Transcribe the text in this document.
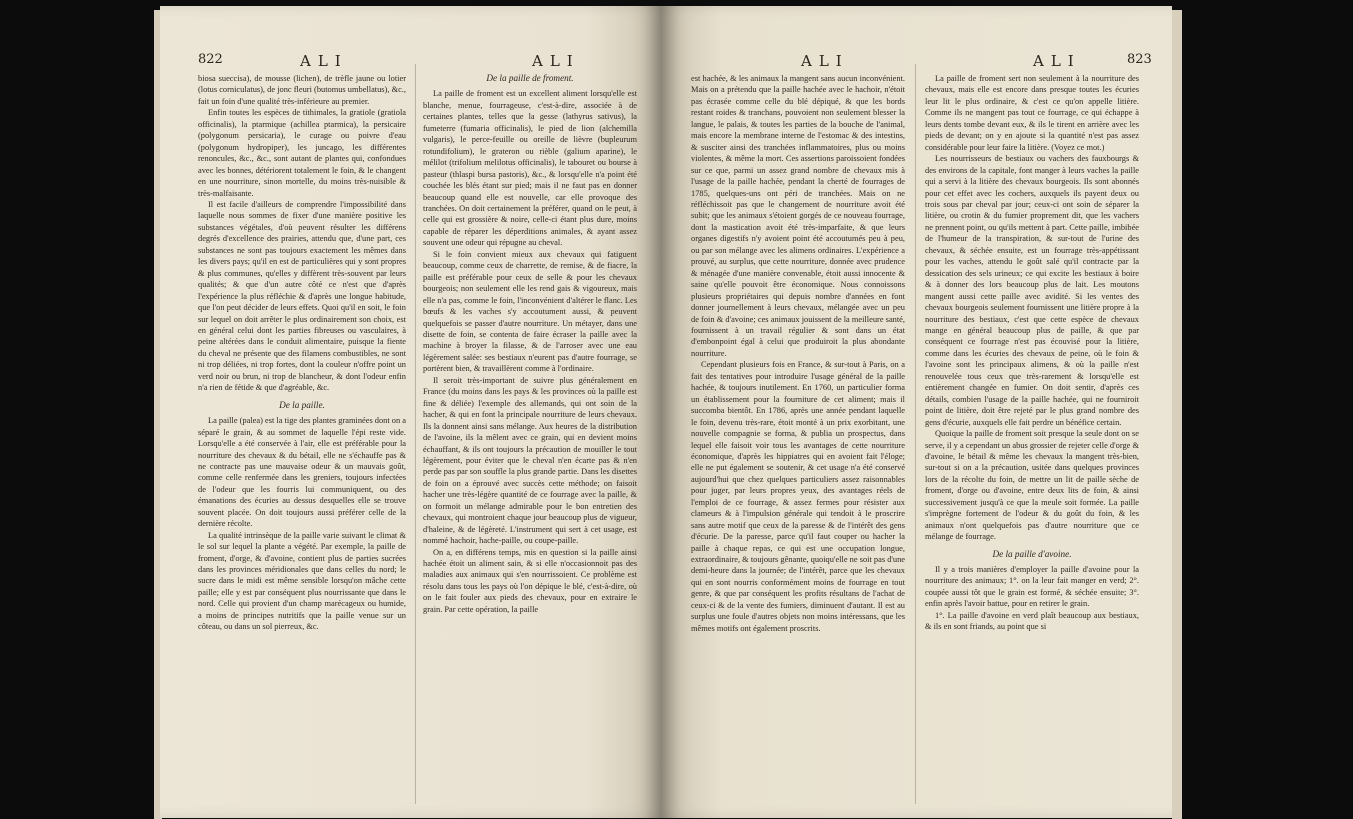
822	ALI	ALI

biosa sueccisa), de mousse (lichen), de trèfle jaune ou lotier (lotus corniculatus), de jonc fleuri (butomus umbellatus), &c., fait un foin d'une qualité très-inférieure au premier.

Enfin toutes les espèces de tithimales, la gratiole (gratiola officinalis), la ptarmique (achillea ptarmica), la persicaire (polygonum persicaria), le curage ou poivre d'eau (polygonum hydropiper), les juncago, les différentes renoncules, &c., &c., sont autant de plantes qui, confondues avec les bonnes, détériorent totalement le foin, & le changent en une nourriture, sinon mortelle, du moins très-nuisible & très-malfaisante.

Il est facile d'ailleurs de comprendre l'impossibilité dans laquelle nous sommes de fixer d'une manière positive les substances végétales, d'où peuvent résulter les différens degrés d'excellence des prairies, attendu que, d'une part, ces substances ne sont pas toujours exactement les mêmes dans les divers pays; qu'il en est de particulières qui y sont propres & plus communes, qu'elles y diffèrent très-souvent par leurs qualités; & que d'un autre côté ce n'est que d'après l'expérience la plus réfléchie & d'après une longue habitude, que l'on peut décider de leurs effets. Quoi qu'il en soit, le foin sur lequel on doit arrêter le plus ordinairement son choix, est en général celui dont les parties fibreuses ou vasculaires, à peine altérées dans le conduit alimentaire, puisque la fiente du cheval ne présente que des filamens combustibles, ne sont ni trop déliées, ni trop fortes, dont la couleur n'offre point un verd noir ou brun, ni trop de blancheur, & dont l'odeur enfin n'a rien de fétide & que d'agréable, &c.

De la paille.

La paille (palea) est la tige des plantes graminées dont on a séparé le grain, & au sommet de laquelle l'épi reste vide. Lorsqu'elle a été conservée à l'air, elle est préférable pour la nourriture des chevaux & du bétail, elle ne s'échauffe pas & ne contracte pas une mauvaise odeur & un mauvais goût, comme celle renfermée dans les greniers, toujours infectées de l'odeur que les fourris lui communiquent, ou des émanations des écuries au dessus desquelles elle se trouve souvent placée. On doit toujours aussi préférer celle de la dernière récolte.

La qualité intrinsèque de la paille varie suivant le climat & le sol sur lequel la plante a végété. Par exemple, la paille de froment, d'orge, & d'avoine, contient plus de parties sucrées dans les provinces méridionales que dans celles du nord; le sucre dans le midi est même sensible lorsqu'on mâche cette paille; elle y est par conséquent plus nourrissante que dans le nord. Celle qui provient d'un champ marécageux ou humide, a moins de principes nutritifs que la paille venue sur un côteau, ou dans un sol pierreux, &c.

De la paille de froment.

La paille de froment est un excellent aliment lorsqu'elle est blanche, menue, fourrageuse, c'est-à-dire, associée à de certaines plantes, telles que la gesse (lathyrus sativus), la fumeterre (fumaria officinalis), le pied de lion (alchemilla vulgaris), le perce-feuille ou oreille de lièvre (bupleurum rotundifolium), le grateron ou rièble (galium aparine), le mélilot (trifolium melilotus officinalis), le tabouret ou bourse à pasteur (thlaspi bursa pastoris), &c., & lorsqu'elle n'a point été couchée les blés étant sur pied; mais il ne faut pas en donner beaucoup quand elle est nouvelle, car elle provoque des tranchées. On doit certainement la préférer, quand on le peut, à celle qui est grossière & noire, celle-ci étant plus dure, moins capable de réparer les déperditions animales, & ayant assez souvent une odeur qui répugne au cheval.

Si le foin convient mieux aux chevaux qui fatiguent beaucoup, comme ceux de charrette, de remise, & de fiacre, la paille est préférable pour ceux de selle & pour les chevaux bourgeois; non seulement elle les rend gais & vigoureux, mais elle n'a pas, comme le foin, l'inconvénient d'altérer le flanc. Les bœufs & les vaches s'y accoutument aussi, & peuvent quelquefois se passer d'autre nourriture. Un métayer, dans une disette de foin, se contenta de faire écraser la paille avec la machine à broyer la filasse, & de l'arroser avec une eau légèrement salée: ses bestiaux n'eurent pas d'autre fourrage, se portèrent bien, & travaillèrent comme à l'ordinaire.

Il seroit très-important de suivre plus généralement en France (du moins dans les pays & les provinces où la paille est fine & déliée) l'exemple des allemands, qui ont soin de la hacher, & qui en font la principale nourriture de leurs chevaux. Ils la donnent ainsi sans mélange. Aux heures de la distribution de l'avoine, ils la mêlent avec ce grain, qui en devient moins échauffant, & ils ont toujours la précaution de mouiller le tout légèrement, pour éviter que le cheval n'en écarte pas & n'en perde pas par son souffle la plus grande partie. Dans les disettes de foin on a éprouvé avec succès cette méthode; on faisoit hacher une très-légère quantité de ce fourrage avec la paille, & on formoit un mélange admirable pour le bon entretien des chevaux, qui montroient chaque jour beaucoup plus de vigueur, d'haleine, & de légèreté. L'instrument qui sert à cet usage, est nommé hachoir, hache-paille, ou coupe-paille.

On a, en différens temps, mis en question si la paille ainsi hachée étoit un aliment sain, & si elle n'occasionnoit pas des maladies aux animaux qui s'en nourrissoient. Ce problème est résolu dans tous les pays où l'on dépique le blé, c'est-à-dire, où on le fait fouler aux pieds des chevaux, pour en extraire le grain. Par cette opération, la paille

ALI
ALI	823

est hachée, & les animaux la mangent sans aucun inconvénient. Mais on a prétendu que la paille hachée avec le hachoir, n'étoit pas écrasée comme celle du blé dépiqué, & que les bords restant roides & tranchans, pouvoient non seulement blesser la langue, le palais, & toutes les parties de la bouche de l'animal, mais encore la membrane interne de l'estomac & des intestins, & susciter ainsi des tranchées inflammatoires, plus ou moins violentes, & même la mort. Ces assertions paroissoient fondées sur ce que, parmi un assez grand nombre de chevaux mis à l'usage de la paille hachée, pendant la cherté de fourrages de 1785, quelques-uns ont péri de tranchées. Mais on ne réfléchissoit pas que le changement de nourriture avoit été subit; que les animaux s'étoient gorgés de ce nouveau fourrage, dont la mastication avoit été très-imparfaite, & que leurs organes digestifs n'y avoient point été accoutumés peu à peu, ou par son mélange avec les alimens ordinaires. L'expérience a prouvé, au surplus, que cette nourriture, donnée avec prudence & ménagée d'une manière convenable, étoit aussi innocente & saine qu'elle pouvoit être économique. Nous connoissons plusieurs propriétaires qui depuis nombre d'années en font donner journellement à leurs chevaux, mélangée avec un peu de foin & d'avoine; ces animaux jouissent de la meilleure santé, fournissent à un travail régulier & sont dans un état d'embonpoint égal à celui que produiroit la plus abondante nourriture.

Cependant plusieurs fois en France, & sur-tout à Paris, on a fait des tentatives pour introduire l'usage général de la paille hachée, & toujours inutilement. En 1760, un particulier forma un établissement pour la fourniture de cet aliment; mais il succomba bientôt. En 1786, après une année pendant laquelle le foin, devenu très-rare, étoit monté à un prix exorbitant, une nouvelle compagnie se forma, & publia un prospectus, dans lequel elle faisoit voir tous les avantages de cette nourriture économique, d'après les hippiatres qui en avoient fait l'éloge; elle ne put également se soutenir, & cet usage n'a été conservé aujourd'hui que chez quelques particuliers assez raisonnables pour juger, par leurs propres yeux, des avantages réels de l'emploi de ce fourrage, & assez fermes pour résister aux clameurs & à l'impulsion générale qui tendoit à le proscrire sans autre motif que ceux de la paresse & de l'intérêt des gens d'écurie. De la paresse, parce qu'il faut couper ou hacher la paille à chaque repas, ce qui est une occupation longue, extraordinaire, & toujours gênante, quoiqu'elle ne soit pas d'une demi-heure dans la journée; de l'intérêt, parce que les chevaux qui en sont nourris conformément moins de fourrage en tout genre, & que par conséquent les profits résultans de l'achat de ceux-ci & de la vente des fumiers, diminuent d'autant. Il est au surplus une foule d'autres objets non moins intéressans, que les mêmes motifs ont également proscrits.

La paille de froment sert non seulement à la nourriture des chevaux, mais elle est encore dans presque toutes les écuries leur lit le plus ordinaire, & c'est ce qu'on appelle litière. Comme ils ne mangent pas tout ce fourrage, ce qui échappe à leurs dents tombe devant eux, & ils le tirent en arrière avec les pieds de devant; on y en ajoute si la quantité n'est pas assez considérable pour leur faire la litière. (Voyez ce mot.)

Les nourrisseurs de bestiaux ou vachers des fauxbourgs & des environs de la capitale, font manger à leurs vaches la paille qui a servi à la litière des chevaux bourgeois. Ils sont abonnés pour cet effet avec les cochers, auxquels ils payent deux ou trois sous par cheval par jour; ceux-ci ont soin de séparer la litière, ou crotin & du fumier proprement dit, que les vachers ne prennent point, ou qu'ils mettent à part. Cette paille, imbibée de l'humeur de la transpiration, & sur-tout de l'urine des chevaux, & séchée ensuite, est un fourrage très-appétissant pour les vaches, attendu le goût salé qu'il contracte par la dessication des sels urineux; ce qui excite les bestiaux à boire & à donner des lors beaucoup plus de lait. Les moutons mangent aussi cette paille avec avidité. Si les ventes des chevaux bourgeois seulement fournissent une litière propre à la nourriture des bestiaux, c'est que cette espèce de chevaux mange en général beaucoup plus de paille, & que par conséquent ce fourrage n'est pas écouvisé pour la litière, comme dans les écuries des chevaux de peine, où le foin & l'avoine sont les principaux alimens, & où la paille n'est renouvelée tous ceux que très-rarement & lorsqu'elle est entièrement changée en fumier. On doit sentir, d'après ces détails, combien l'usage de la paille hachée, qui ne fourniroit point de litière, doit être rejeté par le plus grand nombre des gens d'écurie, auxquels elle fait perdre un bénéfice certain.

Quoique la paille de froment soit presque la seule dont on se serve, il y a cependant un abus grossier de rejeter celle d'orge & d'avoine, le bétail & même les chevaux la mangent très-bien, sur-tout si on a la précaution, usitée dans quelques provinces lors de la récolte du foin, de mettre un lit de paille sèche de froment, d'orge ou d'avoine, entre deux lits de foin, & ainsi successivement jusqu'à ce que la meule soit formée. La paille s'imprègne fortement de l'odeur & du goût du foin, & les animaux n'ont quelquefois pas d'autre nourriture que ce mélange de fourrage.

De la paille d'avoine.

Il y a trois manières d'employer la paille d'avoine pour la nourriture des animaux; 1°. on la leur fait manger en verd; 2°. coupée aussi tôt que le grain est formé, & séchée ensuite; 3°. enfin après l'avoir battue, pour en retirer le grain.

1°. La paille d'avoine en verd plaît beaucoup aux bestiaux, & ils en sont friands, au point que si
